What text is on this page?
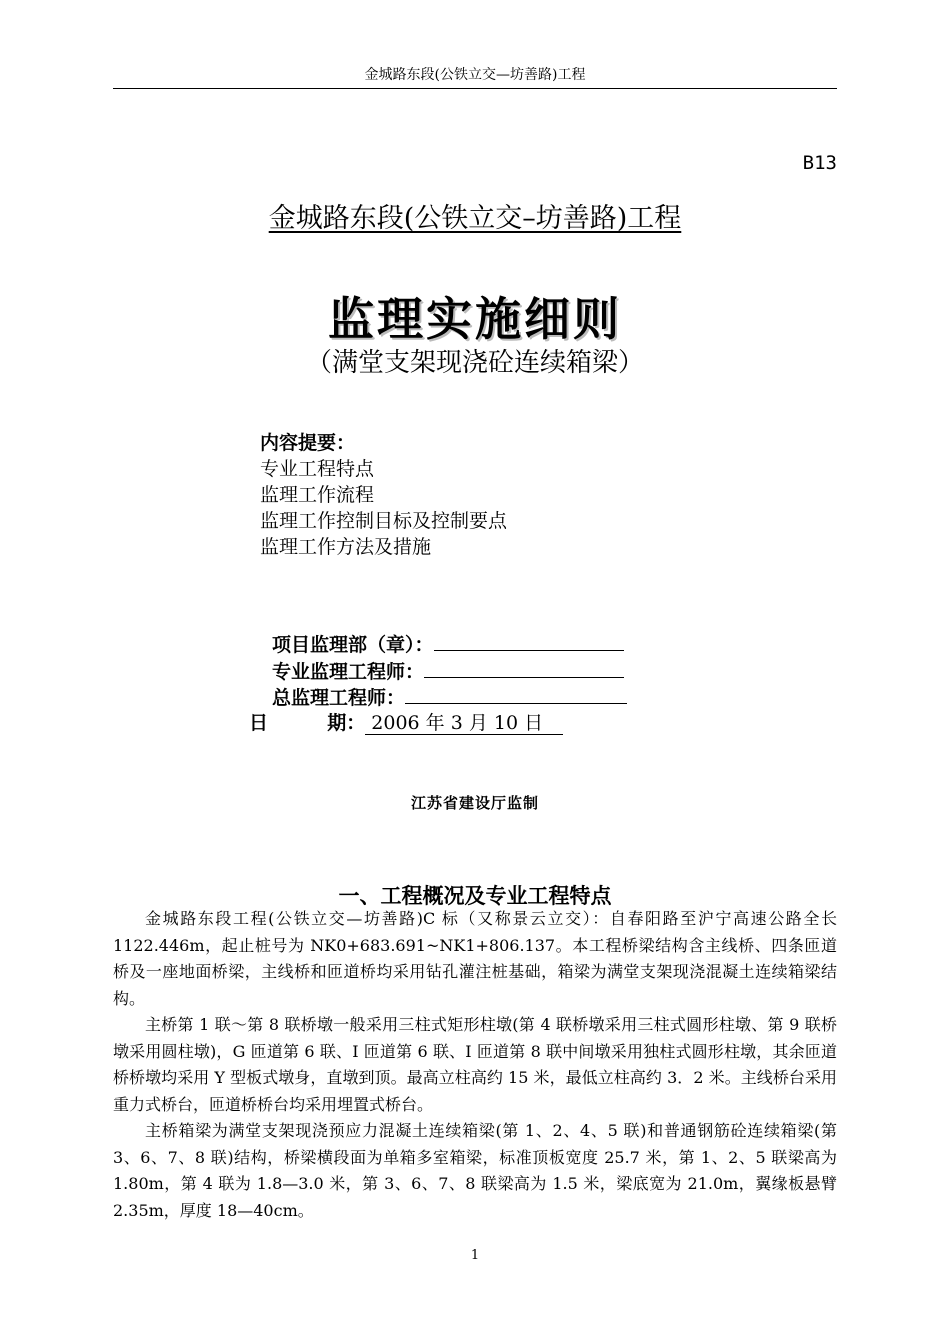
金城路东段(公铁立交—坊善路)工程
B13
金城路东段(公铁立交–坊善路)工程
监理实施细则
（满堂支架现浇砼连续箱梁）
内容提要：
专业工程特点
监理工作流程
监理工作控制目标及控制要点
监理工作方法及措施
项目监理部（章）：
专业监理工程师：
总监理工程师：
日	期： 2006 年 3 月 10 日
江苏省建设厅监制
一、工程概况及专业工程特点

金城路东段工程(公铁立交—坊善路)C 标（又称景云立交）：自春阳路至沪宁高速公路全长 1122.446m，起止桩号为 NK0+683.691~NK1+806.137。本工程桥梁结构含主线桥、四条匝道桥及一座地面桥梁，主线桥和匝道桥均采用钻孔灌注桩基础，箱梁为满堂支架现浇混凝土连续箱梁结构。

主桥第 1 联～第 8 联桥墩一般采用三柱式矩形柱墩(第 4 联桥墩采用三柱式圆形柱墩、第 9 联桥墩采用圆柱墩)，G 匝道第 6 联、I 匝道第 6 联、I 匝道第 8 联中间墩采用独柱式圆形柱墩，其余匝道桥桥墩均采用 Y 型板式墩身，直墩到顶。最高立柱高约 15 米，最低立柱高约 3．2 米。主线桥台采用重力式桥台，匝道桥桥台均采用埋置式桥台。

主桥箱梁为满堂支架现浇预应力混凝土连续箱梁(第 1、2、4、5 联)和普通钢筋砼连续箱梁(第 3、6、7、8 联)结构，桥梁横段面为单箱多室箱梁，标准顶板宽度 25.7 米，第 1、2、5 联梁高为 1.80m，第 4 联为 1.8—3.0 米，第 3、6、7、8 联梁高为 1.5 米，梁底宽为 21.0m，翼缘板悬臂 2.35m，厚度 18—40cm。

1
